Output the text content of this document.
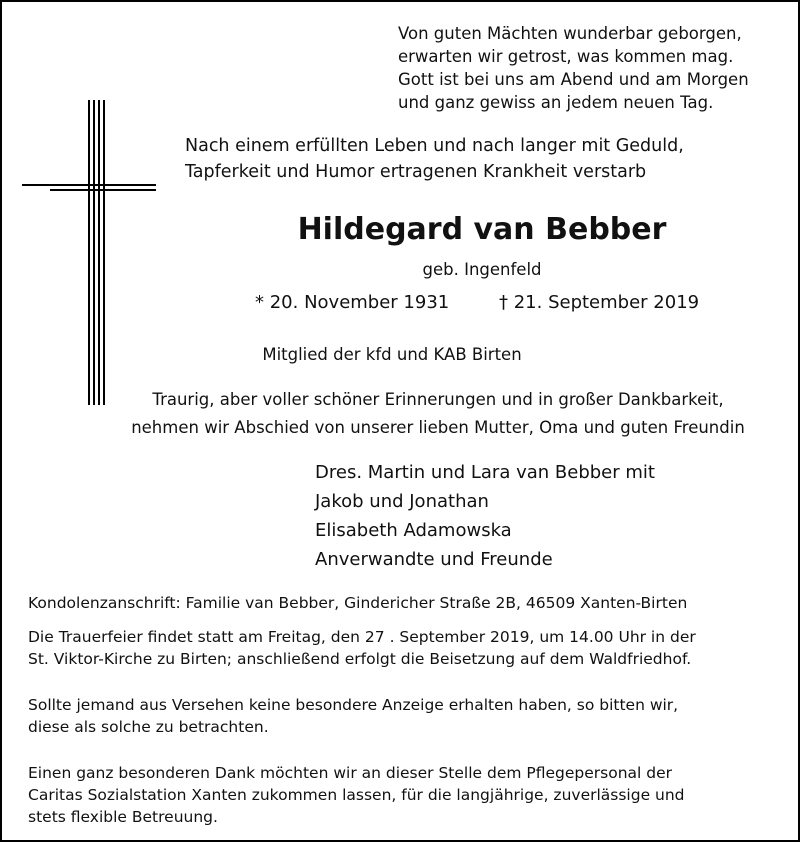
Von guten Mächten wunderbar geborgen,
erwarten wir getrost, was kommen mag.
Gott ist bei uns am Abend und am Morgen
und ganz gewiss an jedem neuen Tag.
Nach einem erfüllten Leben und nach langer mit Geduld,
Tapferkeit und Humor ertragenen Krankheit verstarb
Hildegard van Bebber
geb. Ingenfeld
* 20. November 1931	† 21. September 2019
Mitglied der kfd und KAB Birten
Traurig, aber voller schöner Erinnerungen und in großer Dankbarkeit,
nehmen wir Abschied von unserer lieben Mutter, Oma und guten Freundin
Dres. Martin und Lara van Bebber mit
Jakob und Jonathan
Elisabeth Adamowska
Anverwandte und Freunde
Kondolenzanschrift: Familie van Bebber, Gindericher Straße 2B, 46509 Xanten-Birten
Die Trauerfeier findet statt am Freitag, den 27 . September 2019, um 14.00 Uhr in der
St. Viktor-Kirche zu Birten; anschließend erfolgt die Beisetzung auf dem Waldfriedhof.
Sollte jemand aus Versehen keine besondere Anzeige erhalten haben, so bitten wir,
diese als solche zu betrachten.
Einen ganz besonderen Dank möchten wir an dieser Stelle dem Pflegepersonal der
Caritas Sozialstation Xanten zukommen lassen, für die langjährige, zuverlässige und
stets flexible Betreuung.
